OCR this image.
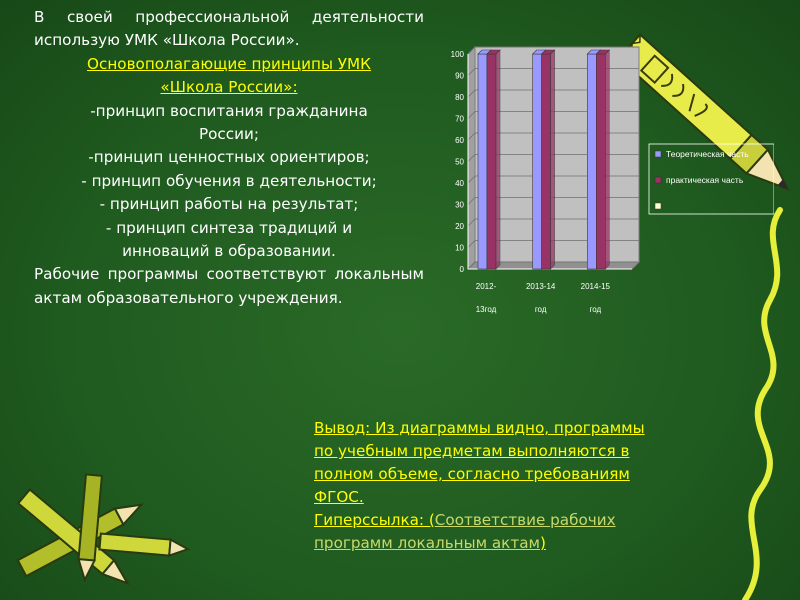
В своей профессиональной деятельности использую УМК «Школа России».
Основополагающие принципы УМК
«Школа России»:
-принцип воспитания гражданина
России;
-принцип ценностных ориентиров;
- принцип обучения в деятельности;
- принцип работы на результат;
- принцип синтеза традиций и
инноваций в образовании.
Рабочие программы соответствуют локальным актам образовательного учреждения.
0
10
20
30
40
50
60
70
80
90
100
2012-
13год
2013-14
год
2014-15
год
Теоретическая часть
практическая часть
Вывод: Из диаграммы видно, программы
по учебным предметам выполняются в
полном объеме, согласно требованиям
ФГОС.
Гиперссылка: (Соответствие рабочих
программ локальным актам)
